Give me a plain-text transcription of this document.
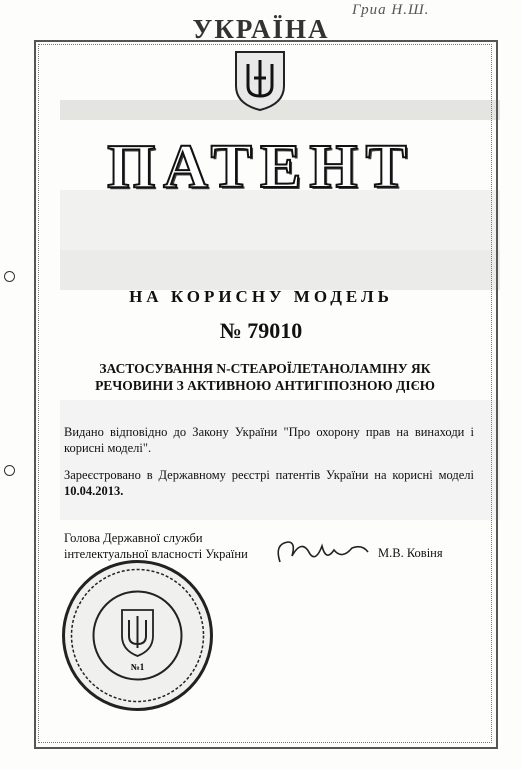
Гриа Н.Ш.
УКРАЇНА
ПАТЕНТ
НА КОРИСНУ МОДЕЛЬ
№ 79010
ЗАСТОСУВАННЯ N-СТЕАРОЇЛЕТАНОЛАМІНУ ЯК РЕЧОВИНИ З АКТИВНОЮ АНТИГІПОЗНОЮ ДІЄЮ
Видано відповідно до Закону України "Про охорону прав на винаходи і корисні моделі".
Зареєстровано в Державному реєстрі патентів України на корисні моделі 10.04.2013.
Голова Державної служби
інтелектуальної власності України	М.В. Ковіня
№1
